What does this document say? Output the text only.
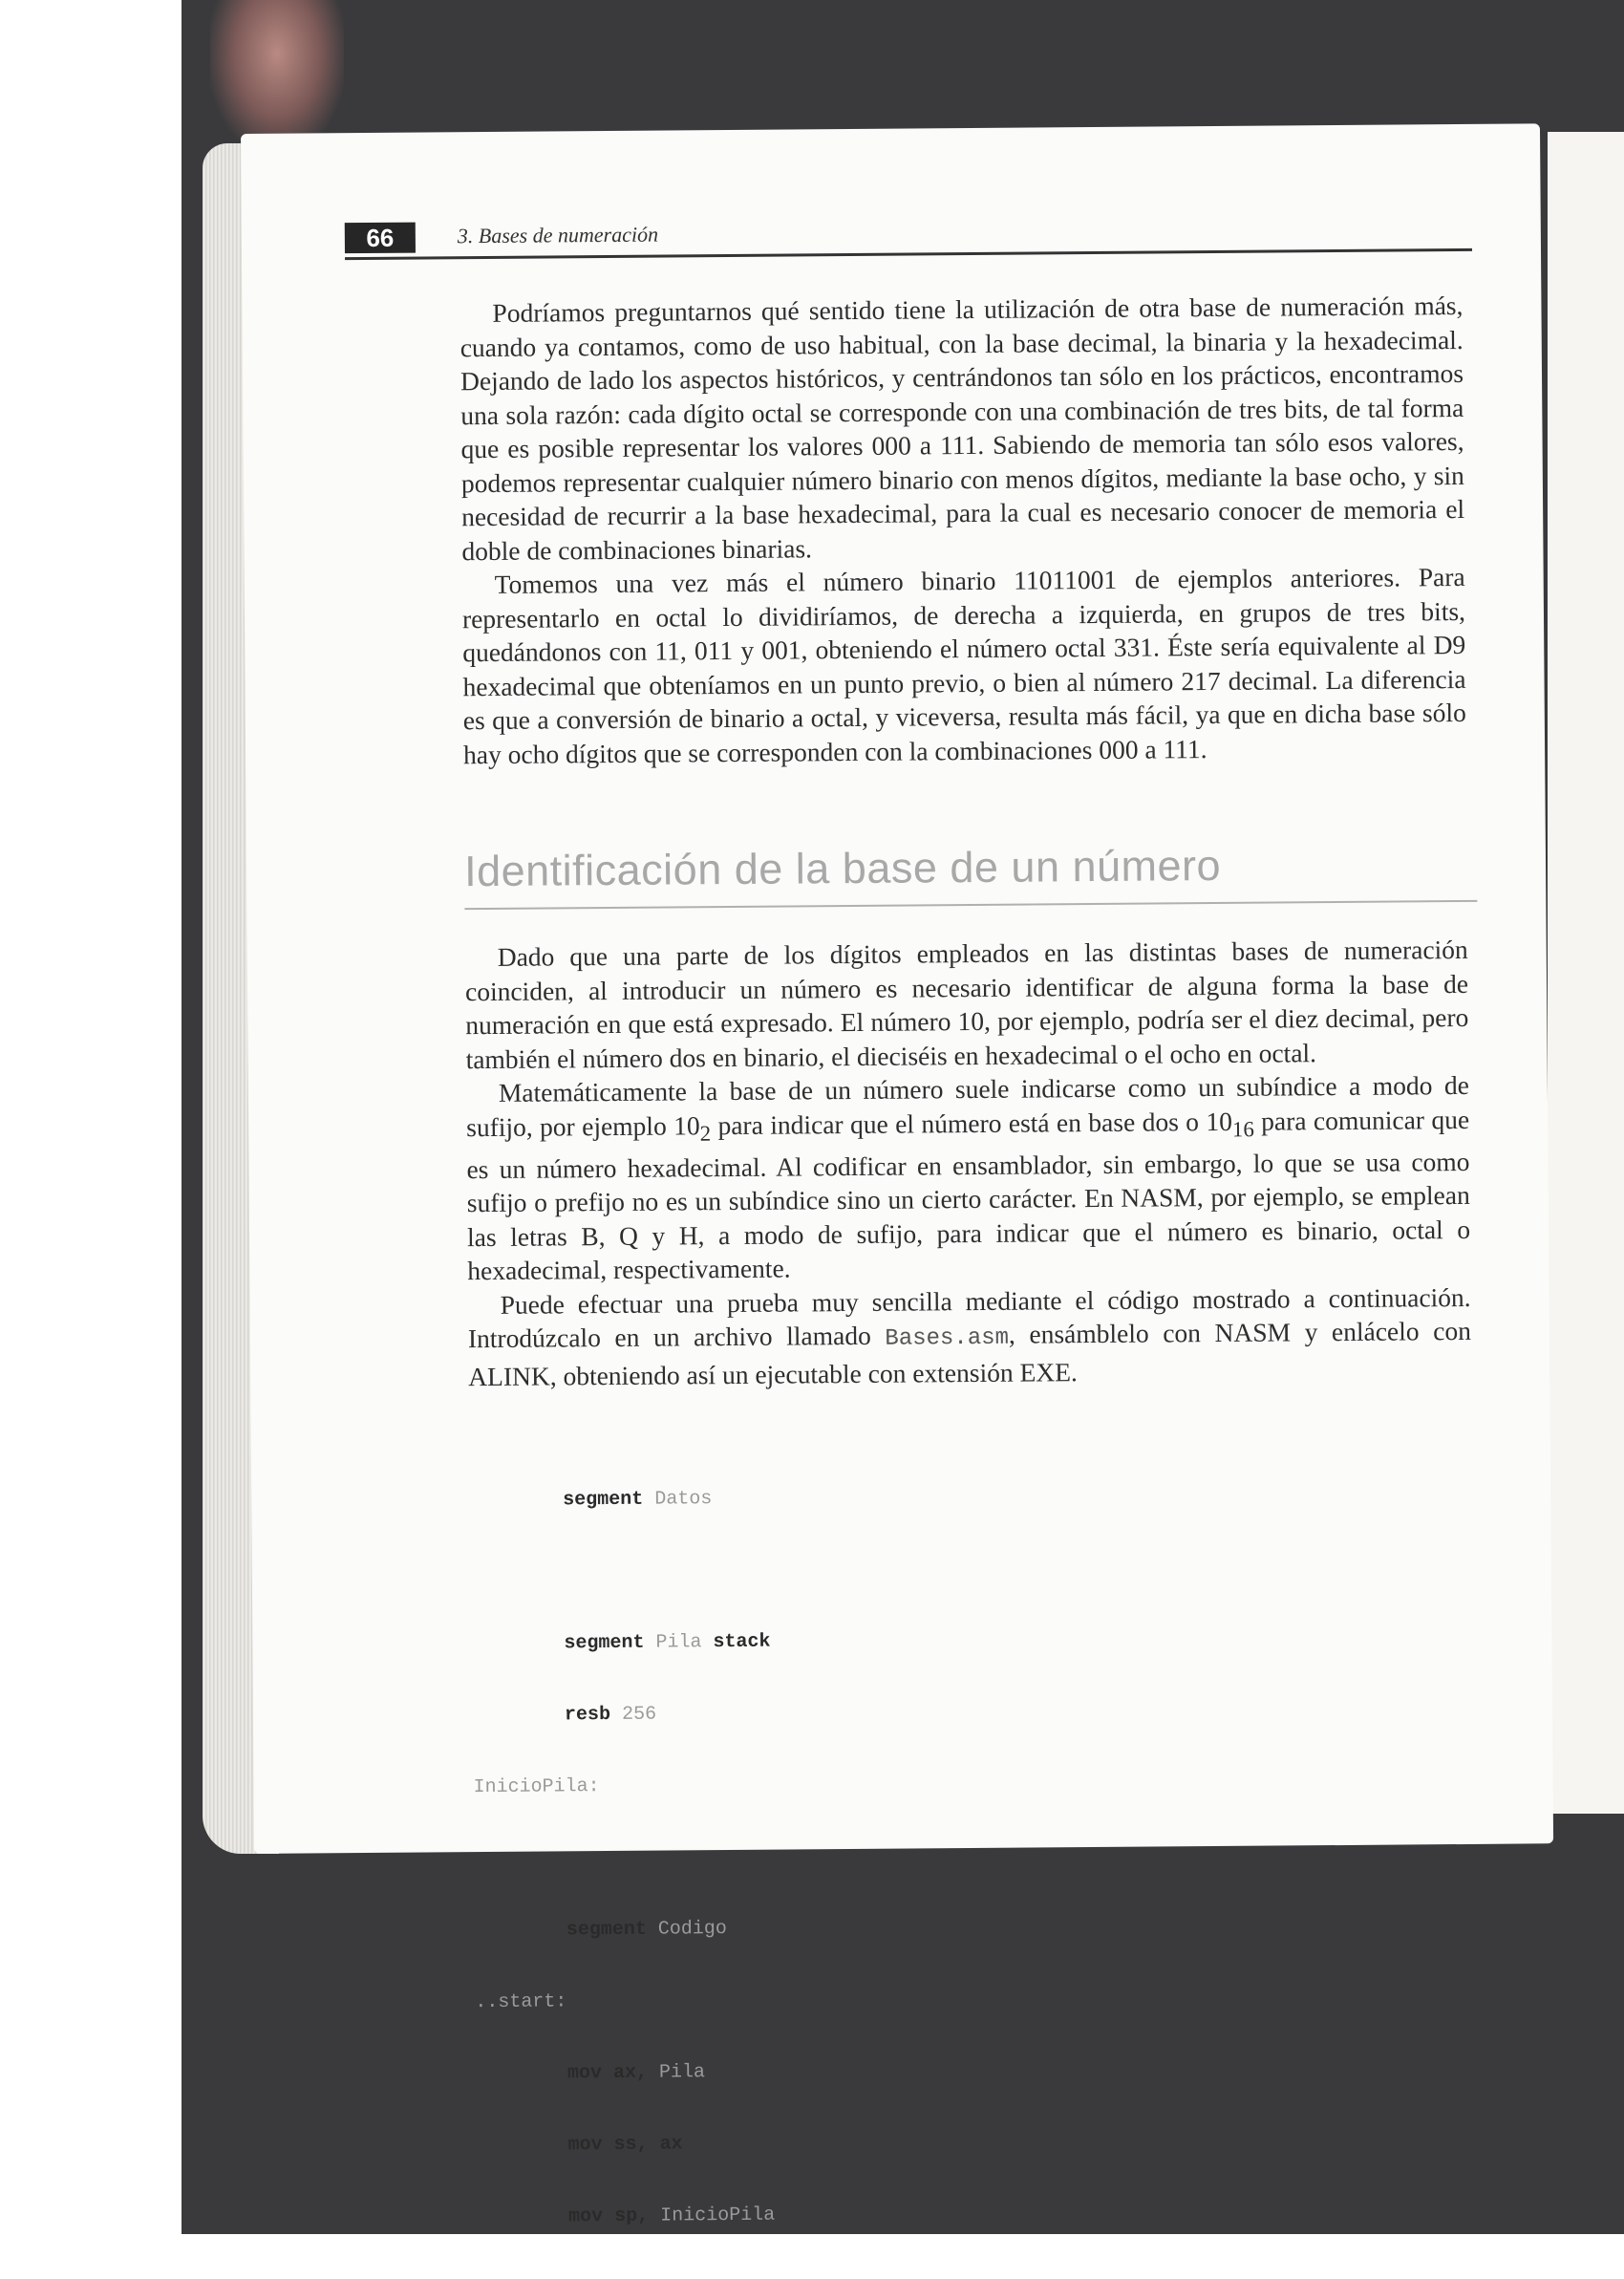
66	3. Bases de numeración

Podríamos preguntarnos qué sentido tiene la utilización de otra base de numeración más, cuando ya contamos, como de uso habitual, con la base decimal, la binaria y la hexadecimal. Dejando de lado los aspectos históricos, y centrándonos tan sólo en los prácticos, encontramos una sola razón: cada dígito octal se corresponde con una combinación de tres bits, de tal forma que es posible representar los valores 000 a 111. Sabiendo de memoria tan sólo esos valores, podemos representar cualquier número binario con menos dígitos, mediante la base ocho, y sin necesidad de recurrir a la base hexadecimal, para la cual es necesario conocer de memoria el doble de combinaciones binarias.

Tomemos una vez más el número binario 11011001 de ejemplos anteriores. Para representarlo en octal lo dividiríamos, de derecha a izquierda, en grupos de tres bits, quedándonos con 11, 011 y 001, obteniendo el número octal 331. Éste sería equivalente al D9 hexadecimal que obteníamos en un punto previo, o bien al número 217 decimal. La diferencia es que a conversión de binario a octal, y viceversa, resulta más fácil, ya que en dicha base sólo hay ocho dígitos que se corresponden con la combinaciones 000 a 111.

Identificación de la base de un número

Dado que una parte de los dígitos empleados en las distintas bases de numeración coinciden, al introducir un número es necesario identificar de alguna forma la base de numeración en que está expresado. El número 10, por ejemplo, podría ser el diez decimal, pero también el número dos en binario, el dieciséis en hexadecimal o el ocho en octal.

Matemáticamente la base de un número suele indicarse como un subíndice a modo de sufijo, por ejemplo $10_2$ para indicar que el número está en base dos o $10_{16}$ para comunicar que es un número hexadecimal. Al codificar en ensamblador, sin embargo, lo que se usa como sufijo o prefijo no es un subíndice sino un cierto carácter. En NASM, por ejemplo, se emplean las letras B, Q y H, a modo de sufijo, para indicar que el número es binario, octal o hexadecimal, respectivamente.

Puede efectuar una prueba muy sencilla mediante el código mostrado a continuación. Introdúzcalo en un archivo llamado Bases.asm, ensámblelo con NASM y enlácelo con ALINK, obteniendo así un ejecutable con extensión EXE.

segment Datos

segment Pila stack

resb 256

InicioPila:

segment Codigo

..start:

mov ax, Pila

mov ss, ax

mov sp, InicioPila
